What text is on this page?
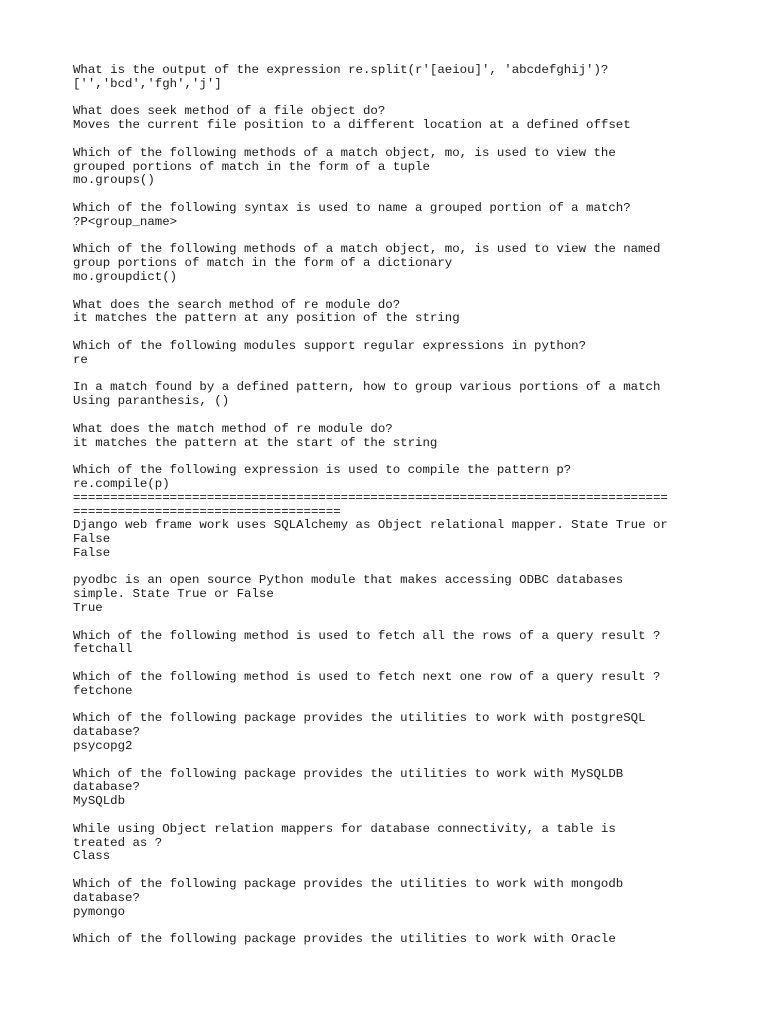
What is the output of the expression re.split(r'[aeiou]', 'abcdefghij')?
['','bcd','fgh','j']
What does seek method of a file object do?
Moves the current file position to a different location at a defined offset
Which of the following methods of a match object, mo, is used to view the
grouped portions of match in the form of a tuple
mo.groups()
Which of the following syntax is used to name a grouped portion of a match?
?P<group_name>
Which of the following methods of a match object, mo, is used to view the named
group portions of match in the form of a dictionary
mo.groupdict()
What does the search method of re module do?
it matches the pattern at any position of the string
Which of the following modules support regular expressions in python?
re
In a match found by a defined pattern, how to group various portions of a match
Using paranthesis, ()
What does the match method of re module do?
it matches the pattern at the start of the string
Which of the following expression is used to compile the pattern p?
re.compile(p)
================================================================================
====================================
Django web frame work uses SQLAlchemy as Object relational mapper. State True or
False
False
pyodbc is an open source Python module that makes accessing ODBC databases
simple. State True or False
True
Which of the following method is used to fetch all the rows of a query result ?
fetchall
Which of the following method is used to fetch next one row of a query result ?
fetchone
Which of the following package provides the utilities to work with postgreSQL
database?
psycopg2
Which of the following package provides the utilities to work with MySQLDB
database?
MySQLdb
While using Object relation mappers for database connectivity, a table is
treated as ?
Class
Which of the following package provides the utilities to work with mongodb
database?
pymongo
Which of the following package provides the utilities to work with Oracle
